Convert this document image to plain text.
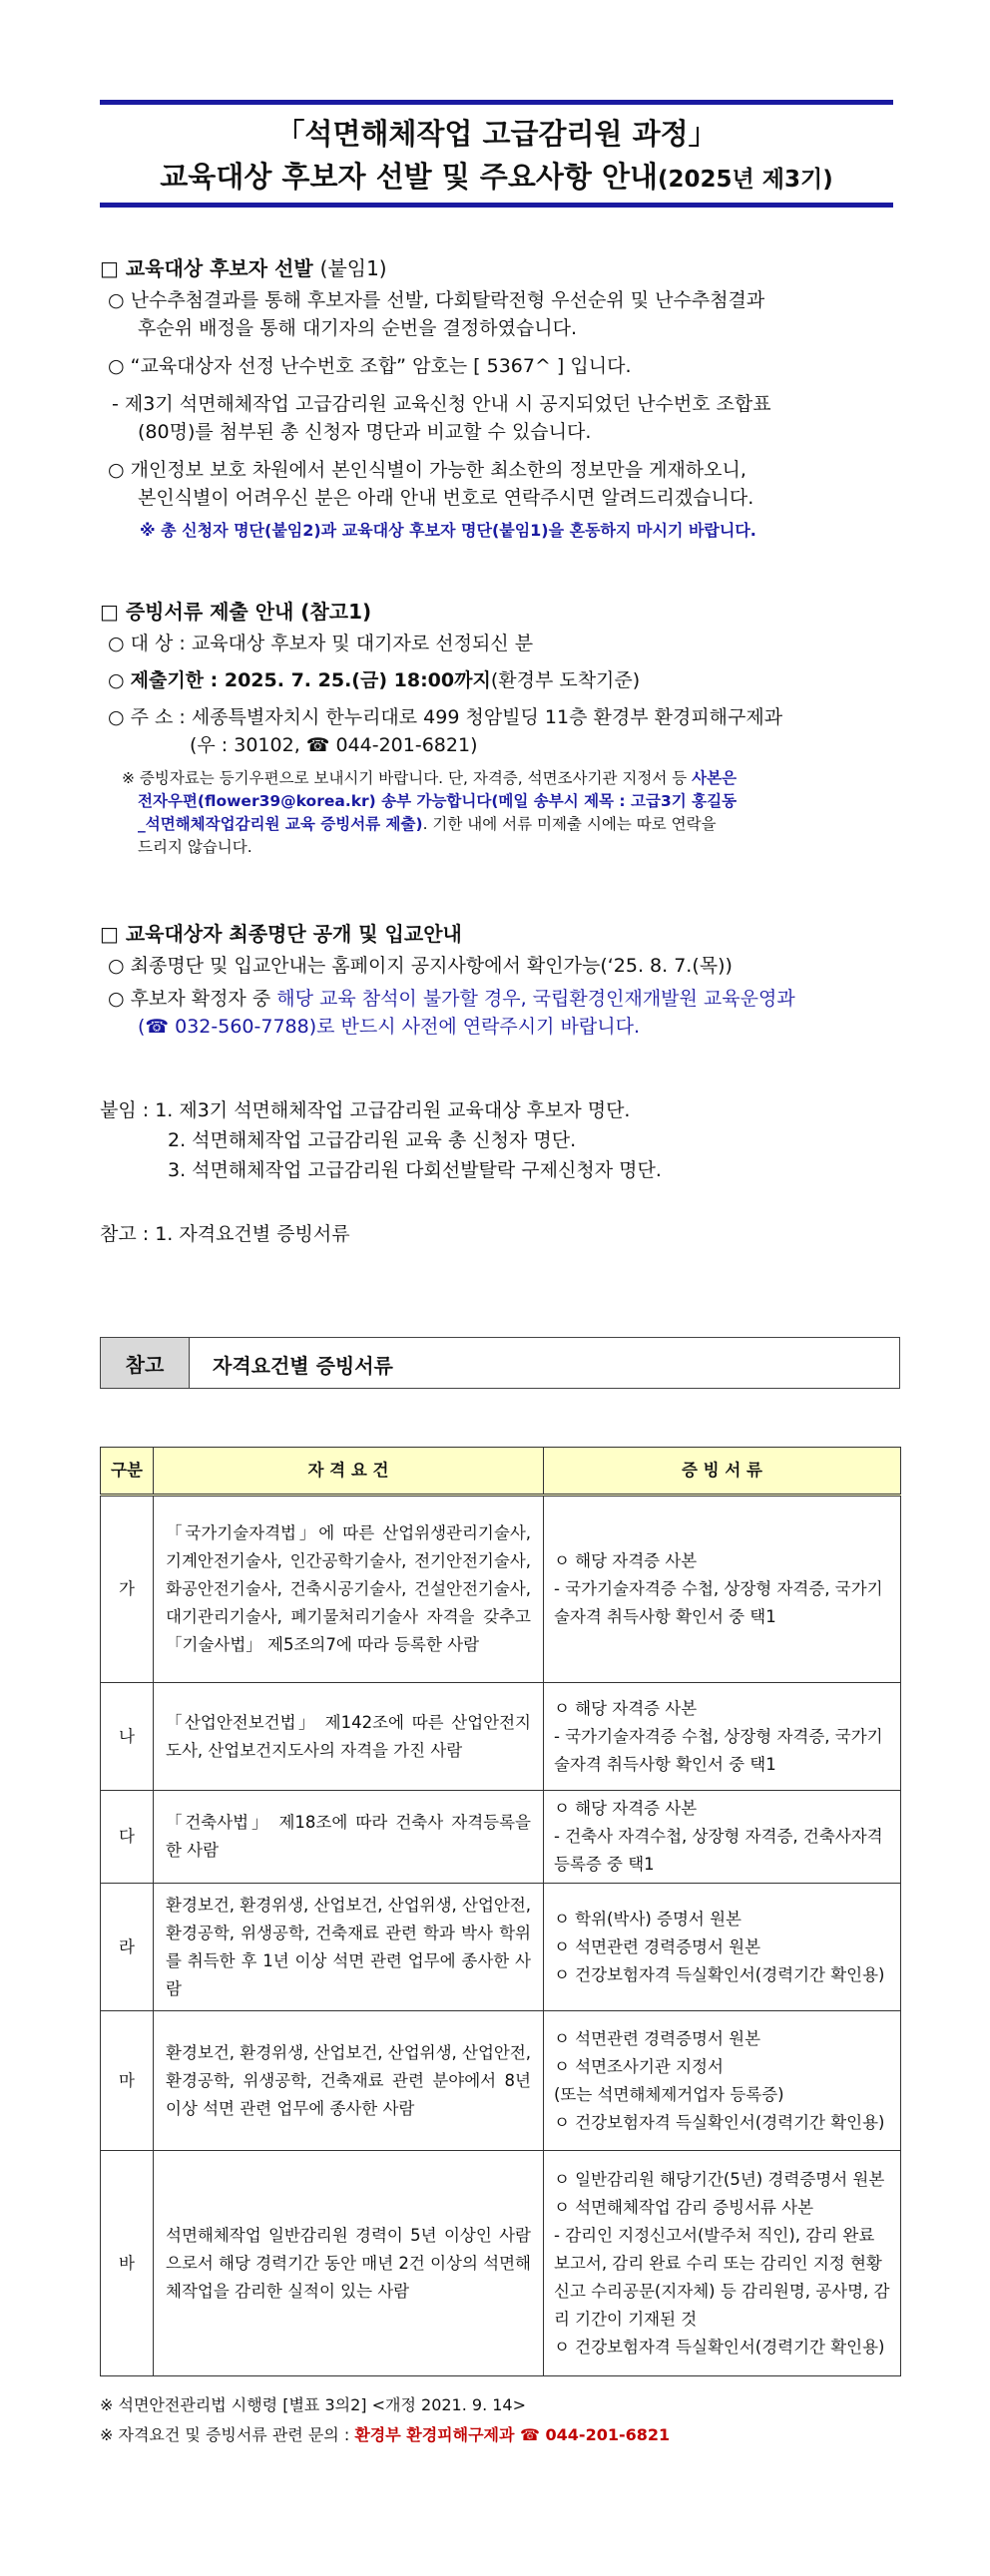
「석면해체작업 고급감리원 과정」
교육대상 후보자 선발 및 주요사항 안내(2025년 제3기)
□ 교육대상 후보자 선발 (붙임1)
○ 난수추첨결과를 통해 후보자를 선발, 다회탈락전형 우선순위 및 난수추첨결과
후순위 배정을 통해 대기자의 순번을 결정하였습니다.
○ “교육대상자 선정 난수번호 조합” 암호는 [ 5367^ ] 입니다.
- 제3기 석면해체작업 고급감리원 교육신청 안내 시 공지되었던 난수번호 조합표
(80명)를 첨부된 총 신청자 명단과 비교할 수 있습니다.
○ 개인정보 보호 차원에서 본인식별이 가능한 최소한의 정보만을 게재하오니,
본인식별이 어려우신 분은 아래 안내 번호로 연락주시면 알려드리겠습니다.
※ 총 신청자 명단(붙임2)과 교육대상 후보자 명단(붙임1)을 혼동하지 마시기 바랍니다.
□ 증빙서류 제출 안내 (참고1)
○ 대 상 : 교육대상 후보자 및 대기자로 선정되신 분
○ 제출기한 : 2025. 7. 25.(금) 18:00까지(환경부 도착기준)
○ 주 소 : 세종특별자치시 한누리대로 499 청암빌딩 11층 환경부 환경피해구제과
(우 : 30102, ☎ 044-201-6821)
※ 증빙자료는 등기우편으로 보내시기 바랍니다. 단, 자격증, 석면조사기관 지정서 등 사본은
전자우편(flower39@korea.kr) 송부 가능합니다(메일 송부시 제목 : 고급3기 홍길동
_석면해체작업감리원 교육 증빙서류 제출). 기한 내에 서류 미제출 시에는 따로 연락을
드리지 않습니다.
□ 교육대상자 최종명단 공개 및 입교안내
○ 최종명단 및 입교안내는 홈페이지 공지사항에서 확인가능(‘25. 8. 7.(목))
○ 후보자 확정자 중 해당 교육 참석이 불가할 경우, 국립환경인재개발원 교육운영과
(☎ 032-560-7788)로 반드시 사전에 연락주시기 바랍니다.
붙임 : 1. 제3기 석면해체작업 고급감리원 교육대상 후보자 명단.
2. 석면해체작업 고급감리원 교육 총 신청자 명단.
3. 석면해체작업 고급감리원 다회선발탈락 구제신청자 명단.
참고 : 1. 자격요건별 증빙서류
참고	자격요건별 증빙서류
구분	자 격 요 건	증 빙 서 류
가	「국가기술자격법」에 따른 산업위생관리기술사, 기계안전기술사, 인간공학기술사, 전기안전기술사, 화공안전기술사, 건축시공기술사, 건설안전기술사, 대기관리기술사, 폐기물처리기술사 자격을 갖추고 「기술사법」 제5조의7에 따라 등록한 사람	ㅇ 해당 자격증 사본
- 국가기술자격증 수첩, 상장형 자격증, 국가기술자격 취득사항 확인서 중 택1

나	「산업안전보건법」 제142조에 따른 산업안전지도사, 산업보건지도사의 자격을 가진 사람	ㅇ 해당 자격증 사본
- 국가기술자격증 수첩, 상장형 자격증, 국가기술자격 취득사항 확인서 중 택1

다	「건축사법」 제18조에 따라 건축사 자격등록을 한 사람	ㅇ 해당 자격증 사본
- 건축사 자격수첩, 상장형 자격증, 건축사자격 등록증 중 택1

라	환경보건, 환경위생, 산업보건, 산업위생, 산업안전, 환경공학, 위생공학, 건축재료 관련 학과 박사 학위를 취득한 후 1년 이상 석면 관련 업무에 종사한 사람	ㅇ 학위(박사) 증명서 원본
ㅇ 석면관련 경력증명서 원본
ㅇ 건강보험자격 득실확인서(경력기간 확인용)

마	환경보건, 환경위생, 산업보건, 산업위생, 산업안전, 환경공학, 위생공학, 건축재료 관련 분야에서 8년 이상 석면 관련 업무에 종사한 사람	ㅇ 석면관련 경력증명서 원본
ㅇ 석면조사기관 지정서
(또는 석면해체제거업자 등록증)
ㅇ 건강보험자격 득실확인서(경력기간 확인용)

바	석면해체작업 일반감리원 경력이 5년 이상인 사람으로서 해당 경력기간 동안 매년 2건 이상의 석면해체작업을 감리한 실적이 있는 사람	ㅇ 일반감리원 해당기간(5년) 경력증명서 원본
ㅇ 석면해체작업 감리 증빙서류 사본
- 감리인 지정신고서(발주처 직인), 감리 완료보고서, 감리 완료 수리 또는 감리인 지정 현황 신고 수리공문(지자체) 등 감리원명, 공사명, 감리 기간이 기재된 것
ㅇ 건강보험자격 득실확인서(경력기간 확인용)
※ 석면안전관리법 시행령 [별표 3의2] <개정 2021. 9. 14>
※ 자격요건 및 증빙서류 관련 문의 : 환경부 환경피해구제과 ☎ 044-201-6821
